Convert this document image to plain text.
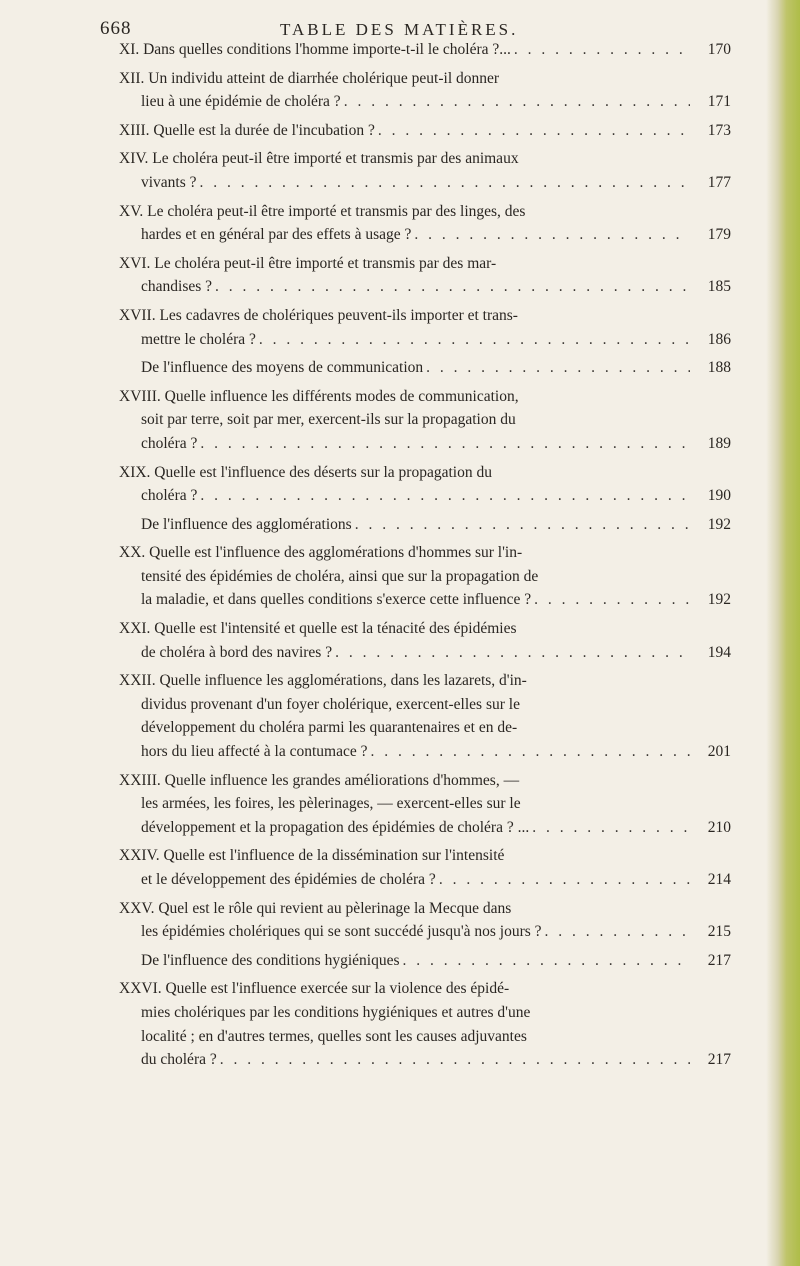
668	TABLE DES MATIÈRES.
XI. Dans quelles conditions l'homme importe-t-il le choléra ?... . . .	170
XII. Un individu atteint de diarrhée cholérique peut-il donner
lieu à une épidémie de choléra ? . . .	171
XIII. Quelle est la durée de l'incubation ? . . .	173
XIV. Le choléra peut-il être importé et transmis par des animaux
vivants ? . . .	177
XV. Le choléra peut-il être importé et transmis par des linges, des
hardes et en général par des effets à usage ? . . .	179
XVI. Le choléra peut-il être importé et transmis par des mar-
chandises ? . . .	185
XVII. Les cadavres de cholériques peuvent-ils importer et trans-
mettre le choléra ? . . .	186
De l'influence des moyens de communication . . .	188
XVIII. Quelle influence les différents modes de communication,
soit par terre, soit par mer, exercent-ils sur la propagation du
choléra ? . . .	189
XIX. Quelle est l'influence des déserts sur la propagation du
choléra ? . . .	190
De l'influence des agglomérations . . .	192
XX. Quelle est l'influence des agglomérations d'hommes sur l'in-
tensité des épidémies de choléra, ainsi que sur la propagation de
la maladie, et dans quelles conditions s'exerce cette influence ? . . .	192
XXI. Quelle est l'intensité et quelle est la ténacité des épidémies
de choléra à bord des navires ? . . .	194
XXII. Quelle influence les agglomérations, dans les lazarets, d'in-
dividus provenant d'un foyer cholérique, exercent-elles sur le
développement du choléra parmi les quarantenaires et en de-
hors du lieu affecté à la contumace ? . . .	201
XXIII. Quelle influence les grandes améliorations d'hommes, —
les armées, les foires, les pèlerinages, — exercent-elles sur le
développement et la propagation des épidémies de choléra ? ... . . .	210
XXIV. Quelle est l'influence de la dissémination sur l'intensité
et le développement des épidémies de choléra ? . . .	214
XXV. Quel est le rôle qui revient au pèlerinage la Mecque dans
les épidémies cholériques qui se sont succédé jusqu'à nos jours ? . . .	215
De l'influence des conditions hygiéniques . . .	217
XXVI. Quelle est l'influence exercée sur la violence des épidé-
mies cholériques par les conditions hygiéniques et autres d'une
localité ; en d'autres termes, quelles sont les causes adjuvantes
du choléra ? . . .	217
